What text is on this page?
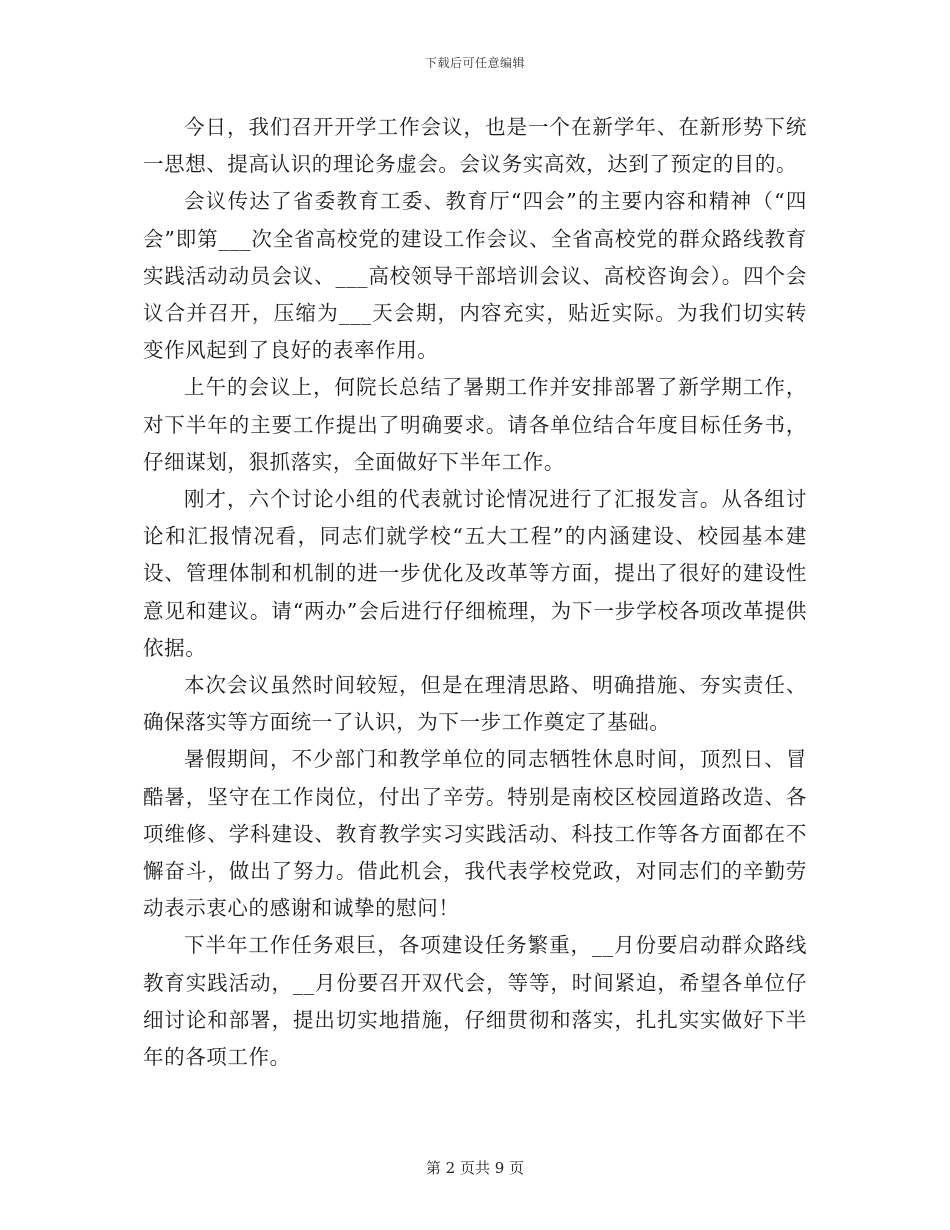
下载后可任意编辑

今日，我们召开开学工作会议，也是一个在新学年、在新形势下统一思想、提高认识的理论务虚会。会议务实高效，达到了预定的目的。

会议传达了省委教育工委、教育厅“四会”的主要内容和精神（“四会”即第___次全省高校党的建设工作会议、全省高校党的群众路线教育实践活动动员会议、___高校领导干部培训会议、高校咨询会）。四个会议合并召开，压缩为___天会期，内容充实，贴近实际。为我们切实转变作风起到了良好的表率作用。

上午的会议上，何院长总结了暑期工作并安排部署了新学期工作，对下半年的主要工作提出了明确要求。请各单位结合年度目标任务书，仔细谋划，狠抓落实，全面做好下半年工作。

刚才，六个讨论小组的代表就讨论情况进行了汇报发言。从各组讨论和汇报情况看，同志们就学校“五大工程”的内涵建设、校园基本建设、管理体制和机制的进一步优化及改革等方面，提出了很好的建设性意见和建议。请“两办”会后进行仔细梳理，为下一步学校各项改革提供依据。

本次会议虽然时间较短，但是在理清思路、明确措施、夯实责任、确保落实等方面统一了认识，为下一步工作奠定了基础。

暑假期间，不少部门和教学单位的同志牺牲休息时间，顶烈日、冒酷暑，坚守在工作岗位，付出了辛劳。特别是南校区校园道路改造、各项维修、学科建设、教育教学实习实践活动、科技工作等各方面都在不懈奋斗，做出了努力。借此机会，我代表学校党政，对同志们的辛勤劳动表示衷心的感谢和诚挚的慰问！

下半年工作任务艰巨，各项建设任务繁重，__月份要启动群众路线教育实践活动，__月份要召开双代会，等等，时间紧迫，希望各单位仔细讨论和部署，提出切实地措施，仔细贯彻和落实，扎扎实实做好下半年的各项工作。

第 2 页共 9 页
